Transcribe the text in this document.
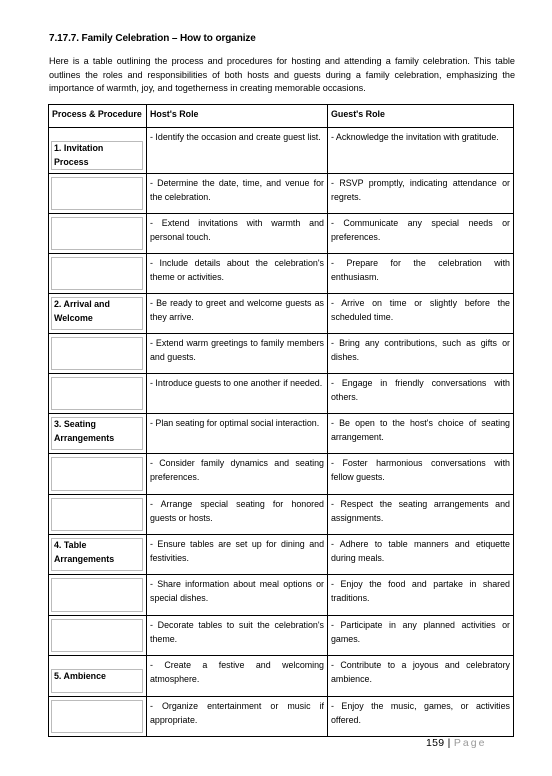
7.17.7. Family Celebration – How to organize
Here is a table outlining the process and procedures for hosting and attending a family celebration. This table outlines the roles and responsibilities of both hosts and guests during a family celebration, emphasizing the importance of warmth, joy, and togetherness in creating memorable occasions.
Process & Procedure	Host's Role	Guest's Role

1. Invitation Process	- Identify the occasion and create guest list.	- Acknowledge the invitation with gratitude.

	- Determine the date, time, and venue for the celebration.	- RSVP promptly, indicating attendance or regrets.

	- Extend invitations with warmth and personal touch.	- Communicate any special needs or preferences.

	- Include details about the celebration's theme or activities.	- Prepare for the celebration with enthusiasm.

2. Arrival and Welcome	- Be ready to greet and welcome guests as they arrive.	- Arrive on time or slightly before the scheduled time.

	- Extend warm greetings to family members and guests.	- Bring any contributions, such as gifts or dishes.

	- Introduce guests to one another if needed.	- Engage in friendly conversations with others.

3. Seating Arrangements	- Plan seating for optimal social interaction.	- Be open to the host's choice of seating arrangement.

	- Consider family dynamics and seating preferences.	- Foster harmonious conversations with fellow guests.

	- Arrange special seating for honored guests or hosts.	- Respect the seating arrangements and assignments.

4. Table Arrangements	- Ensure tables are set up for dining and festivities.	- Adhere to table manners and etiquette during meals.

	- Share information about meal options or special dishes.	- Enjoy the food and partake in shared traditions.

	- Decorate tables to suit the celebration's theme.	- Participate in any planned activities or games.

5. Ambience	- Create a festive and welcoming atmosphere.	- Contribute to a joyous and celebratory ambience.

	- Organize entertainment or music if appropriate.	- Enjoy the music, games, or activities offered.
159 | Page
